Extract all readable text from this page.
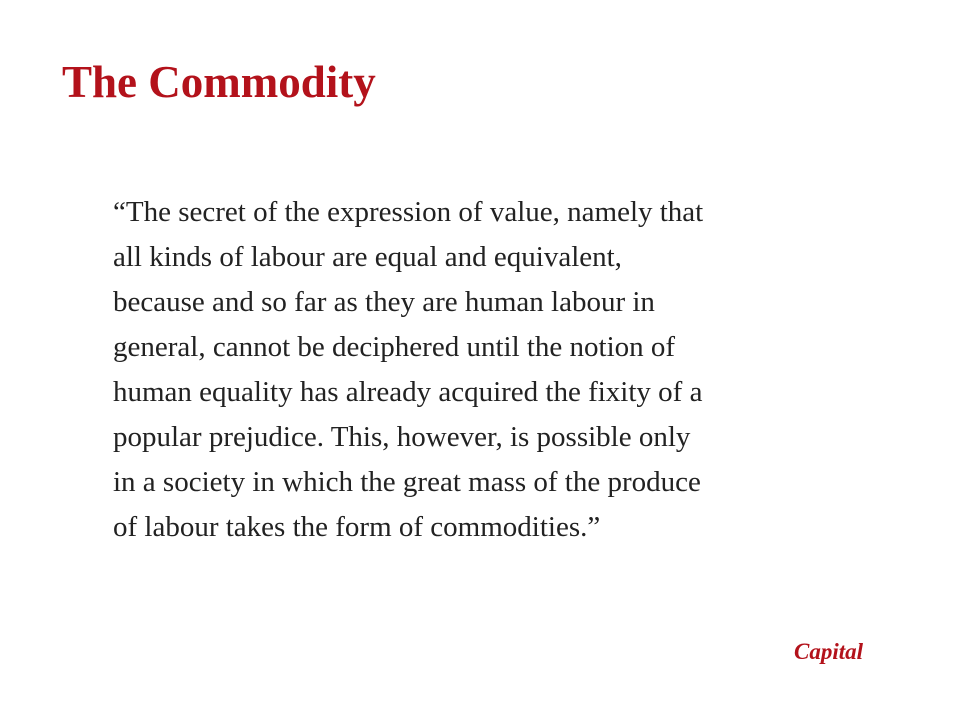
The Commodity
“The secret of the expression of value, namely that
all kinds of labour are equal and equivalent,
because and so far as they are human labour in
general, cannot be deciphered until the notion of
human equality has already acquired the fixity of a
popular prejudice. This, however, is possible only
in a society in which the great mass of the produce
of labour takes the form of commodities.”
Capital
